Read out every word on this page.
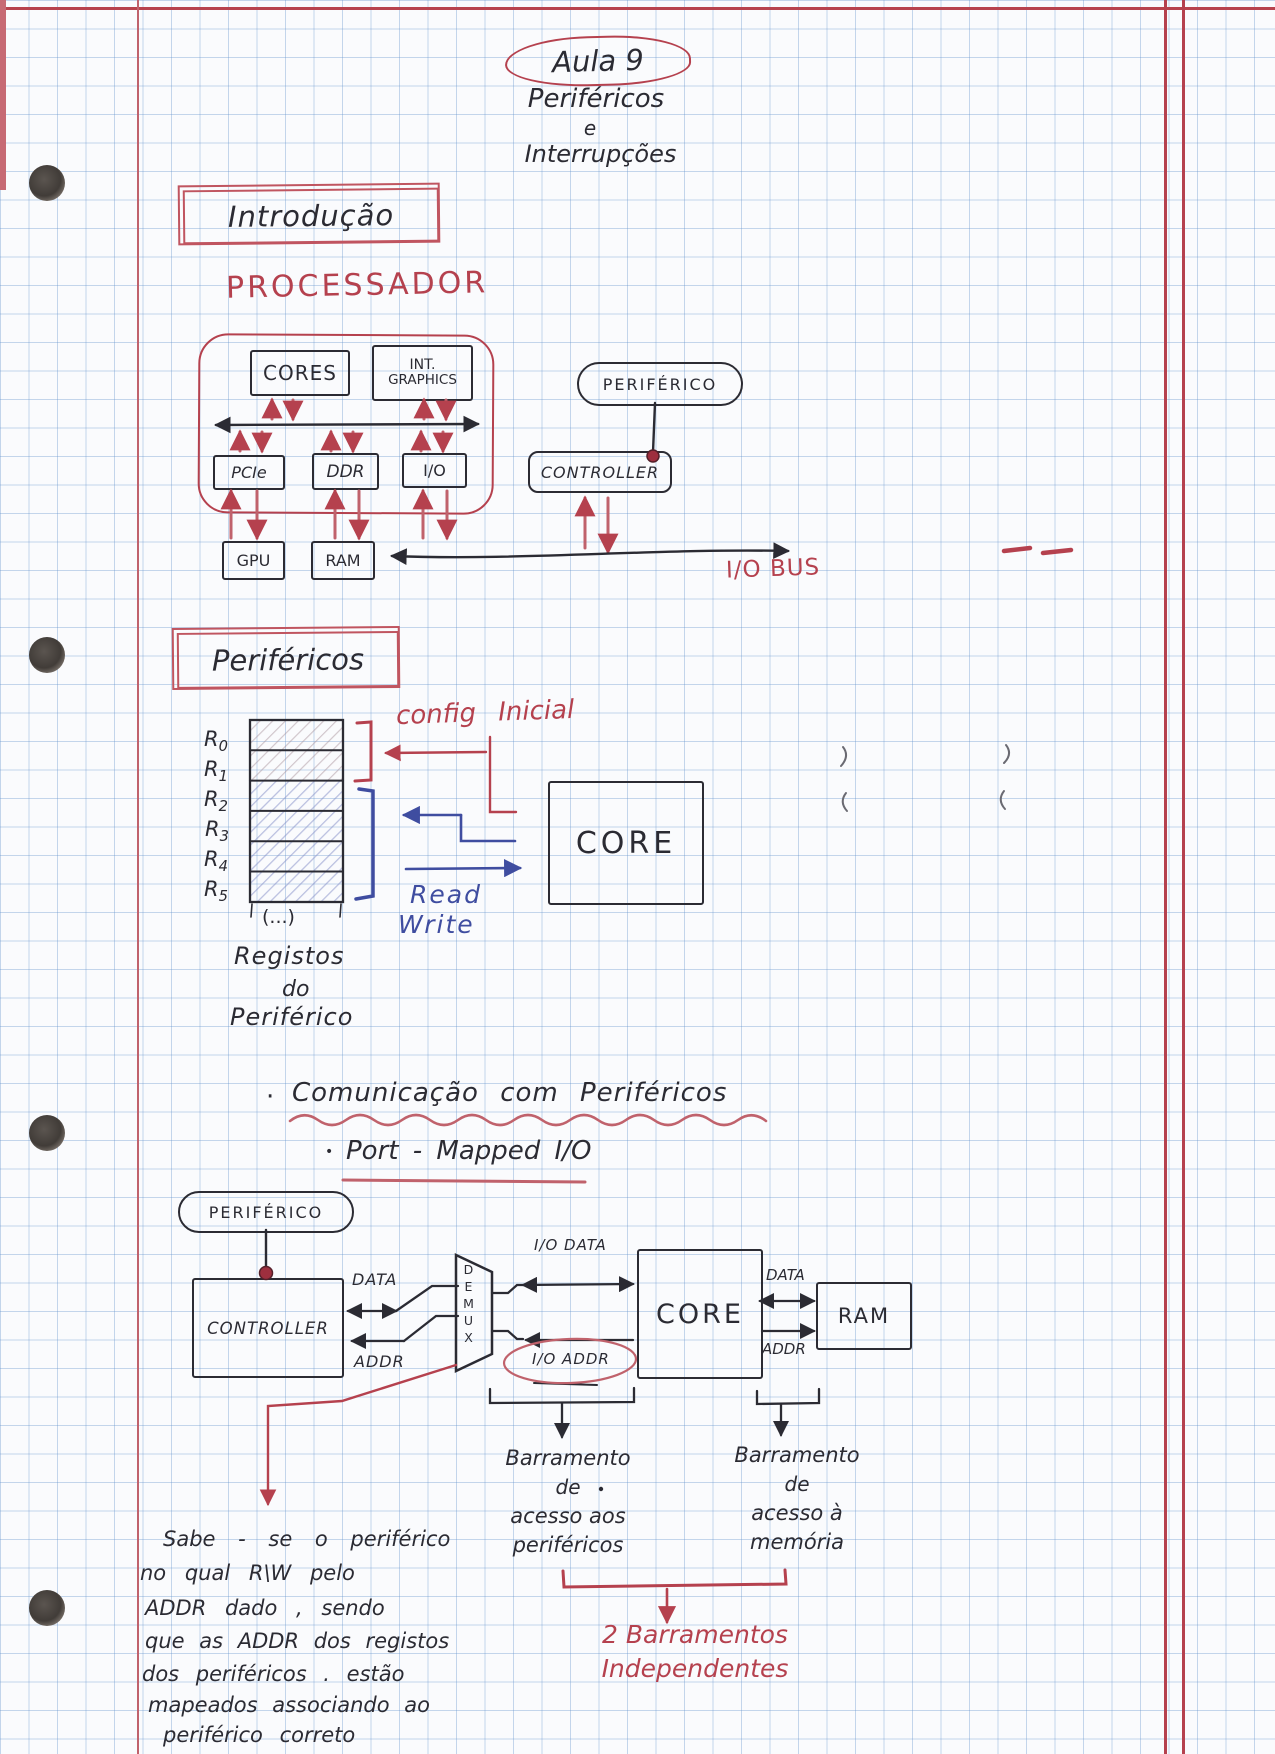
Aula 9
Periféricos
e
Interrupções
Introdução
PROCESSADOR
CORES	INT.
GRAPHICS
PCIe	DDR	I/O
GPU	RAM	I/O BUS
PERIFÉRICO
CONTROLLER
Periféricos
config Inicial
$R_0$
$R_1$
$R_2$
$R_3$
$R_4$
$R_5$
(...)
Read
Write
CORE
Registos
do
Periférico
· Comunicação com Periféricos
• Port - Mapped I/O
PERIFÉRICO
CONTROLLER
DATA
ADDR
DEMUX
I/O DATA
I/O ADDR
CORE
DATA
ADDR
RAM
Barramento
de
acesso aos
periféricos
Barramento
de
acesso à
memória
2 Barramentos
Independentes
Sabe - se o periférico
no qual R\W pelo
ADDR dado , sendo
que as ADDR dos registos
dos periféricos . estão
mapeados associando ao
periférico correto
